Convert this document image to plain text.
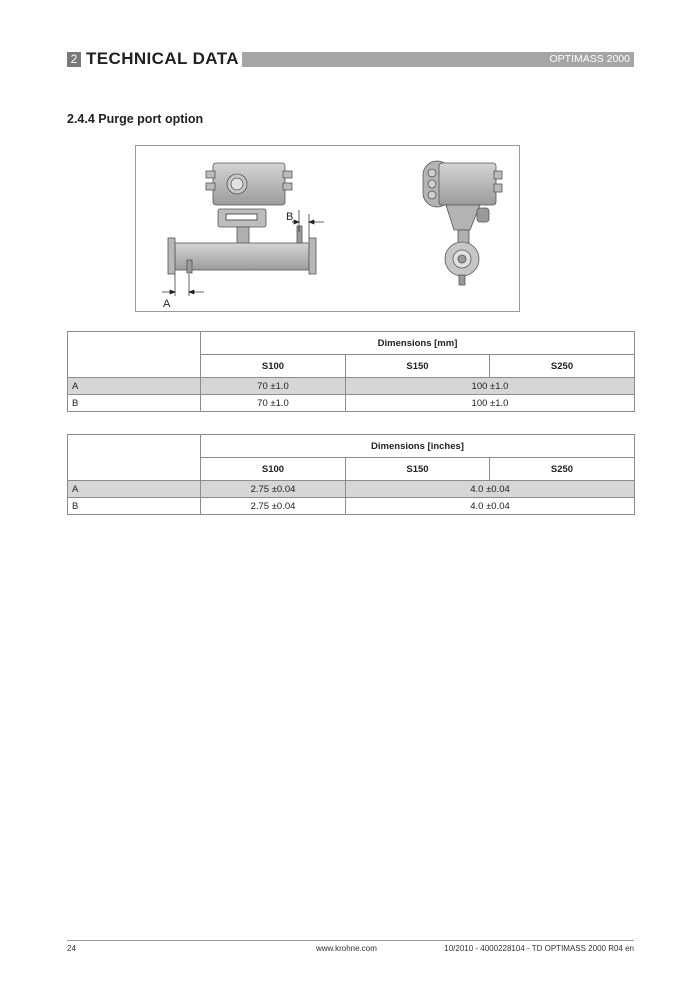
2 TECHNICAL DATA	OPTIMASS 2000
2.4.4 Purge port option
B
A
	Dimensions [mm]		
	S100	S150	S250
A	70 ±1.0	100 ±1.0	
B	70 ±1.0	100 ±1.0	
	Dimensions [inches]		
	S100	S150	S250
A	2.75 ±0.04	4.0 ±0.04	
B	2.75 ±0.04	4.0 ±0.04	
24	www.krohne.com	10/2010 - 4000228104 - TD OPTIMASS 2000 R04 en
